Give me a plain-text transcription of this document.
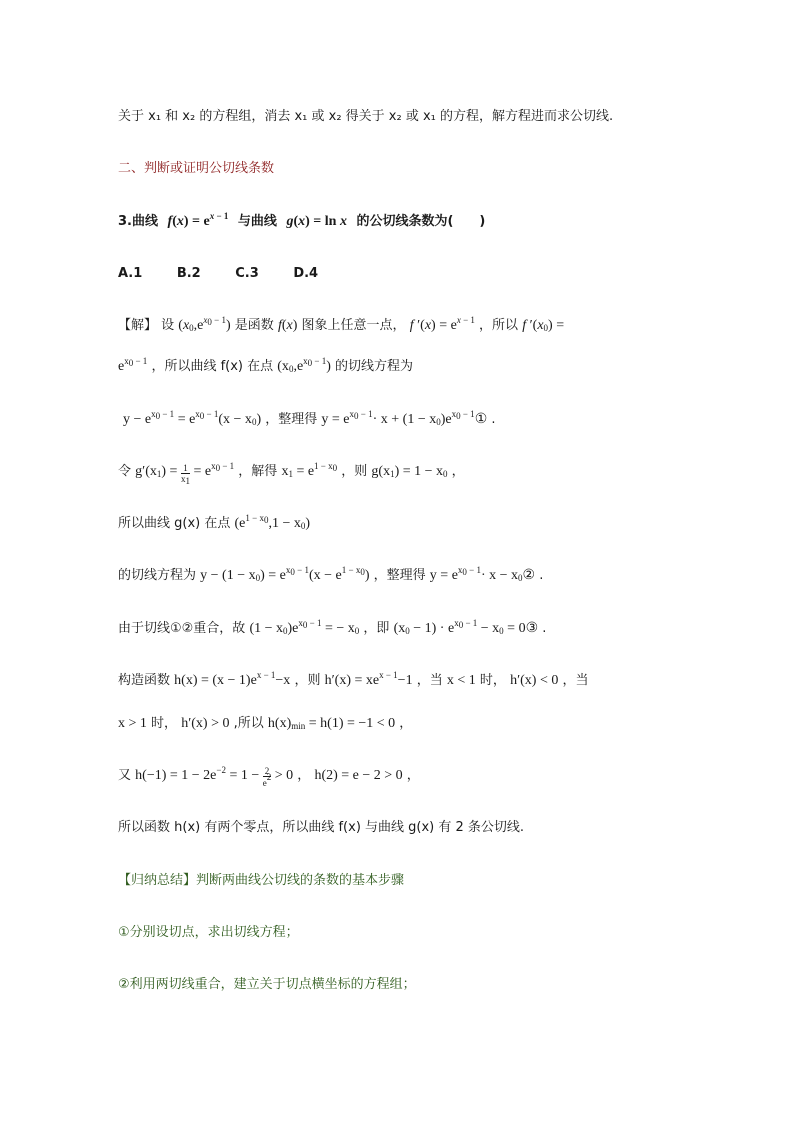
关于 x₁ 和 x₂ 的方程组，消去 x₁ 或 x₂ 得关于 x₂ 或 x₁ 的方程，解方程进而求公切线.
二、判断或证明公切线条数
3.曲线 $f(x) = e^{x - 1}$ 与曲线 g(x) = ln x 的公切线条数为(　　)
A.1	B.2	C.3	D.4
【解】 设 $(x_0,e^{x_0 - 1})$ 是函数 f(x) 图象上任意一点， f $'(x) = e^{x - 1}$ ，所以 f $'(x_0)$ =
$e^{x_0 - 1}$ ，所以曲线 f(x) 在点 $(x_0,e^{x_0 - 1})$ 的切线方程为
$y - e^{x_0 - 1} = e^{x_0 - 1}(x - x_0)$ ，整理得 $y = e^{x_0 - 1}\cdot x + (1$ − $x_0)e^{x_0 - 1}①$ .
令 $g'(x_1) = \frac{1}{x_1} = e^{x_0 - 1}$ ，解得 $x_1 = e^{1 - x_0}$ ，则 $g(x_1) = 1 - x_0$ ，
所以曲线 g(x) 在点 $(e^{1 - x_0},1 - x_0)$
的切线方程为 $y - (1 - x_0) = e^{x_0 - 1}(x - e^{1 - x_0})$ ，整理得 $y = e^{x_0 - 1}\cdot x$ − $x_0②$ .
由于切线①②重合，故 $(1 - x_0)e^{x_0 - 1}$ = − $x_0$ ，即 $(x_0 - 1) \cdot e^{x_0 - 1} - x_0$ = 0③ .
构造函数 $h(x) = (x - 1)e^{x - 1}-x$ ，则 $h'(x) = xe^{x - 1}-1$ ，当 x < 1 时， h′(x) < 0 ，当
x > 1 时， h′(x) > 0 ,所以 $h(x)_{min} = h(1) = -1 < 0$ ，
又 $h(-1) = 1 - 2e^{-2} = 1 - \frac{2}{e^2} > 0$ ， h(2) = e − 2 > 0 ，
所以函数 h(x) 有两个零点，所以曲线 f(x) 与曲线 g(x) 有 2 条公切线.
【归纳总结】判断两曲线公切线的条数的基本步骤
①分别设切点，求出切线方程；
②利用两切线重合，建立关于切点横坐标的方程组；
